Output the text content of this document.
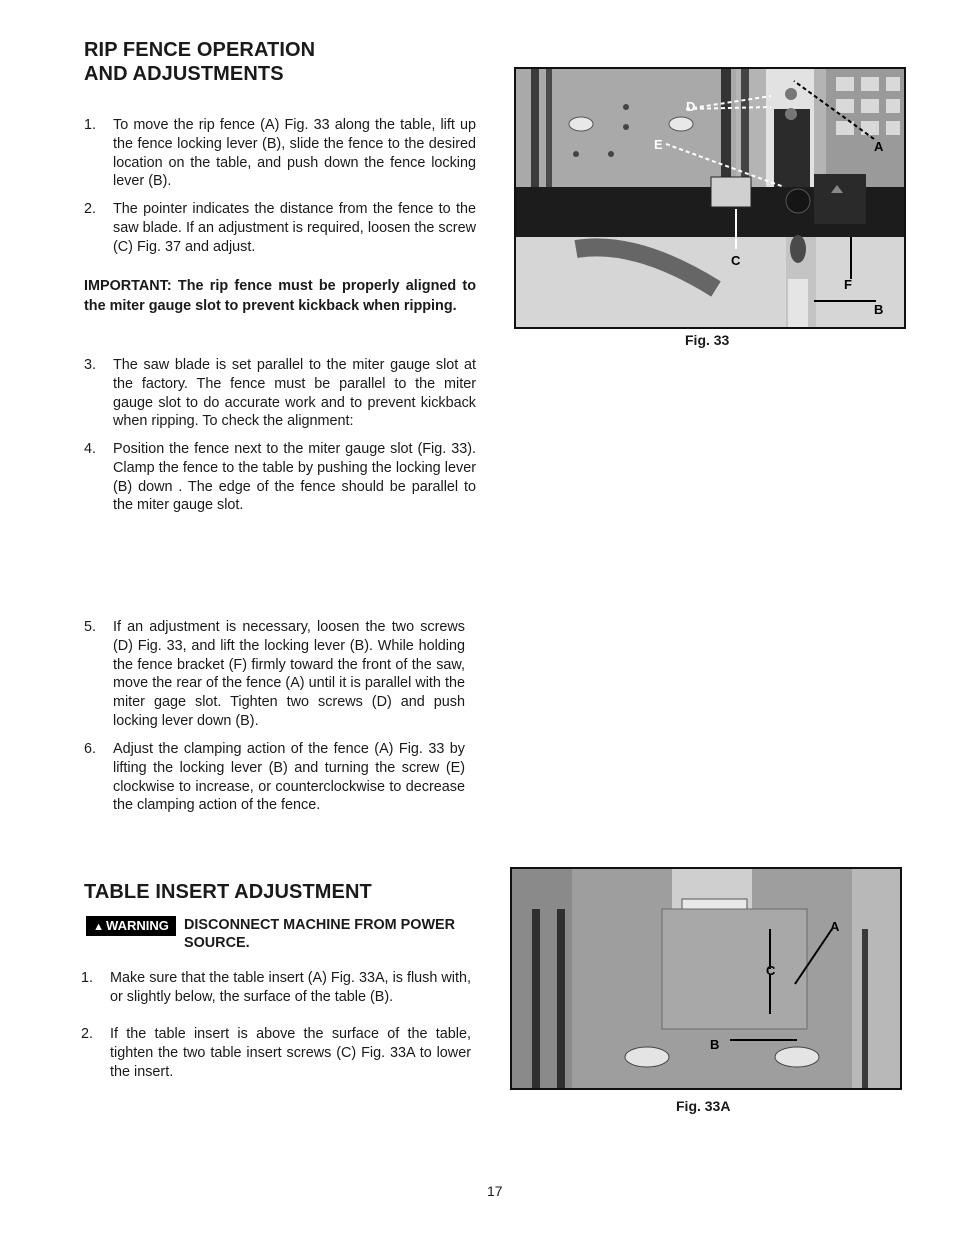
RIP FENCE OPERATION
AND ADJUSTMENTS
1. To move the rip fence (A) Fig. 33 along the table, lift up the fence locking lever (B), slide the fence to the desired location on the table, and push down the fence locking lever (B).
2. The pointer indicates the distance from the fence to the saw blade. If an adjustment is required, loosen the screw (C) Fig. 37 and adjust.
IMPORTANT: The rip fence must be properly aligned to the miter gauge slot to prevent kickback when ripping.
3. The saw blade is set parallel to the miter gauge slot at the factory. The fence must be parallel to the miter gauge slot to do accurate work and to prevent kickback when ripping. To check the alignment:
4. Position the fence next to the miter gauge slot (Fig. 33). Clamp the fence to the table by pushing the locking lever (B) down . The edge of the fence should be parallel to the miter gauge slot.
5. If an adjustment is necessary, loosen the two screws (D) Fig. 33, and lift the locking lever (B). While holding the fence bracket (F) firmly toward the front of the saw, move the rear of the fence (A) until it is parallel with the miter gage slot. Tighten two screws (D) and push locking lever down (B).
6. Adjust the clamping action of the fence (A) Fig. 33 by lifting the locking lever (B) and turning the screw (E) clockwise to increase, or counterclockwise to decrease the clamping action of the fence.
D
E	A
C
F
B
Fig. 33
TABLE INSERT ADJUSTMENT
▲ WARNING	DISCONNECT MACHINE FROM POWER SOURCE.
1. Make sure that the table insert (A) Fig. 33A, is flush with, or slightly below, the surface of the table (B).
2. If the table insert is above the surface of the table, tighten the two table insert screws (C) Fig. 33A to lower the insert.
C
A
B
Fig. 33A
17
